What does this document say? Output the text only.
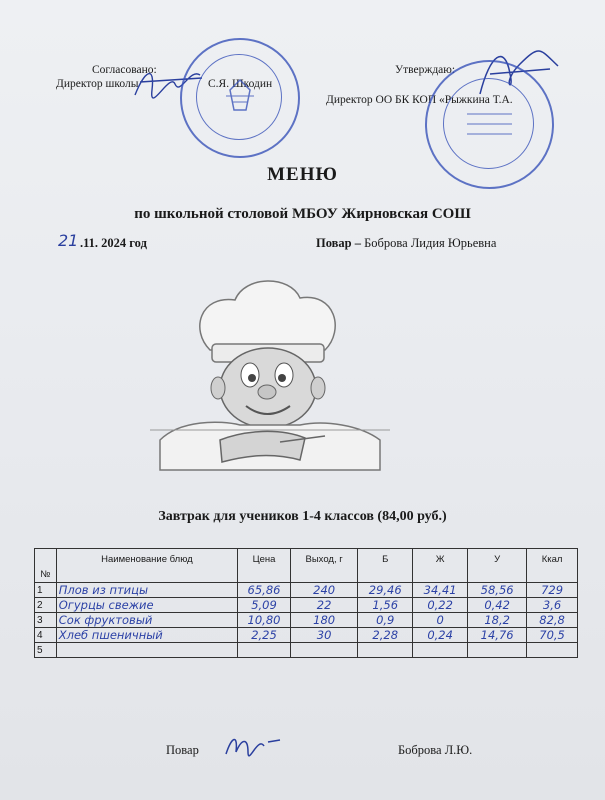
Согласовано:
Директор школы	С.Я. Шкодин
Утверждаю:
Директор ОО БК КОП «Рыжкина Т.А.
МЕНЮ
по школьной столовой МБОУ Жирновская СОШ
21 .11. 2024 год	Повар – Боброва Лидия Юрьевна
Завтрак для учеников 1-4 классов (84,00 руб.)
№	Наименование блюд	Цена	Выход, г	Б	Ж	У	Ккал
1	Плов из птицы	65,86	240	29,46	34,41	58,56	729
2	Огурцы свежие	5,09	22	1,56	0,22	0,42	3,6
3	Сок фруктовый	10,80	180	0,9	0	18,2	82,8
4	Хлеб пшеничный	2,25	30	2,28	0,24	14,76	70,5
5							
Повар	Боброва Л.Ю.
